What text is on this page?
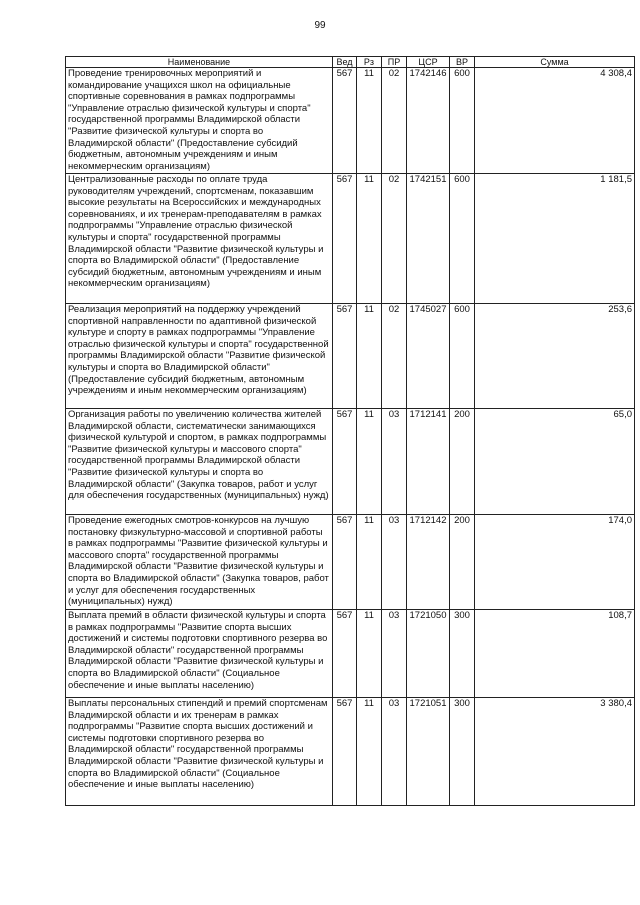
99
Наименование	Вед	Рз	ПР	ЦСР	ВР	Сумма
Проведение тренировочных мероприятий и командирование учащихся школ на официальные спортивные соревнования в рамках подпрограммы "Управление отраслью физической культуры и спорта" государственной программы Владимирской области "Развитие физической культуры и спорта во Владимирской области" (Предоставление субсидий бюджетным, автономным учреждениям и иным некоммерческим организациям)	567	11	02	1742146	600	4 308,4
Централизованные расходы по оплате труда руководителям учреждений, спортсменам, показавшим высокие результаты на Всероссийских и международных соревнованиях, и их тренерам-преподавателям в рамках подпрограммы "Управление отраслью физической культуры и спорта" государственной программы Владимирской области "Развитие физической культуры и спорта во Владимирской области" (Предоставление субсидий бюджетным, автономным учреждениям и иным некоммерческим организациям)	567	11	02	1742151	600	1 181,5
Реализация мероприятий на поддержку учреждений спортивной направленности по адаптивной физической культуре и спорту в рамках подпрограммы "Управление отраслью физической культуры и спорта" государственной программы Владимирской области "Развитие физической культуры и спорта во Владимирской области" (Предоставление субсидий бюджетным, автономным учреждениям и иным некоммерческим организациям)	567	11	02	1745027	600	253,6
Организация работы по увеличению количества жителей Владимирской области, систематически занимающихся физической культурой и спортом, в рамках подпрограммы "Развитие физической культуры и массового спорта" государственной программы Владимирской области "Развитие физической культуры и спорта во Владимирской области" (Закупка товаров, работ и услуг для обеспечения государственных (муниципальных) нужд)	567	11	03	1712141	200	65,0
Проведение ежегодных смотров-конкурсов на лучшую постановку физкультурно-массовой и спортивной работы в рамках подпрограммы "Развитие физической культуры и массового спорта" государственной программы Владимирской области "Развитие физической культуры и спорта во Владимирской области" (Закупка товаров, работ и услуг для обеспечения государственных (муниципальных) нужд)	567	11	03	1712142	200	174,0
Выплата премий в области физической культуры и спорта в рамках подпрограммы "Развитие спорта высших достижений и системы подготовки спортивного резерва во Владимирской области" государственной программы Владимирской области "Развитие физической культуры и спорта во Владимирской области" (Социальное обеспечение и иные выплаты населению)	567	11	03	1721050	300	108,7
Выплаты персональных стипендий и премий спортсменам Владимирской области и их тренерам в рамках подпрограммы "Развитие спорта высших достижений и системы подготовки спортивного резерва во Владимирской области" государственной программы Владимирской области "Развитие физической культуры и спорта во Владимирской области" (Социальное обеспечение и иные выплаты населению)	567	11	03	1721051	300	3 380,4
